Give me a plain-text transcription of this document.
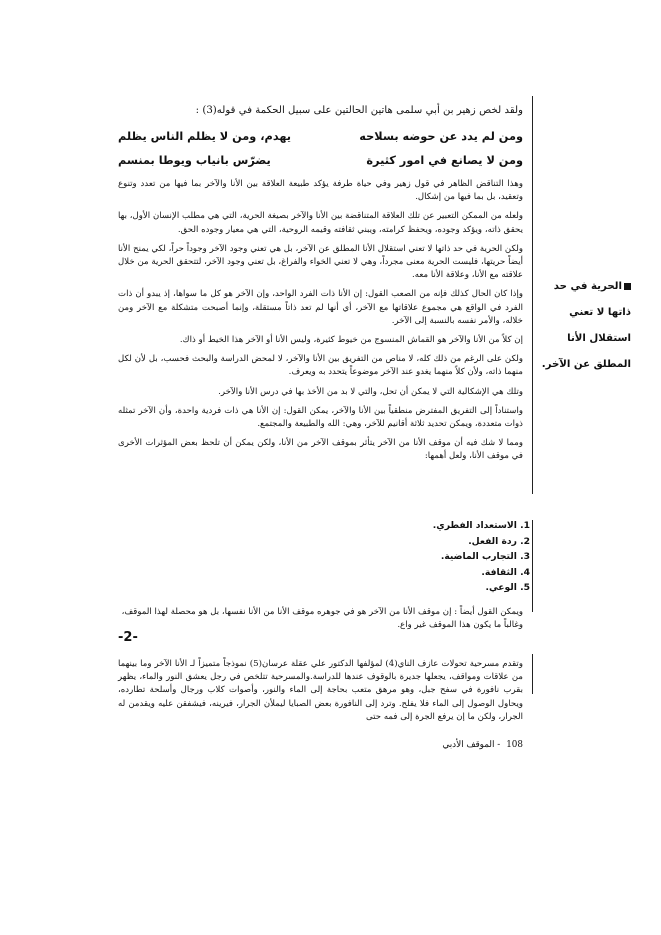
الحرية في حد ذاتها لا تعني استقلال الأنا المطلق عن الآخر.

ولقد لخص زهير بن أبي سلمى هاتين الحالتين على سبيل الحكمة في قوله(3) :

ومن لم يدد عن حوضه بسلاحه
يهدم، ومن لا يظلم الناس يظلم
ومن لا يصانع في امور كثيرة
يضرّس بانياب ويوطا بمنسم

وهذا التناقض الظاهر في قول زهير وفي حياة طرفة يؤكد طبيعة العلاقة بين الأنا والآخر بما فيها من تعدد وتنوع وتعقيد، بل بما فيها من إشكال.

ولعله من الممكن التعبير عن تلك العلاقة المتناقضة بين الأنا والآخر بصيغة الحرية، التي هي مطلب الإنسان الأول، بها يحقق ذاته، ويؤكد وجوده، ويحفظ كرامته، ويبني ثقافته وقيمه الروحية، التي هي معيار وجوده الحق.

ولكن الحرية في حد ذاتها لا تعني استقلال الأنا المطلق عن الآخر، بل هي تعني وجود الآخر وجوداً حراً، لكي يمنح الأنا أيضاً حريتها، فليست الحرية معنى مجرداً، وهي لا تعني الخواء والفراغ، بل تعني وجود الآخر، لتتحقق الحرية من خلال علاقته مع الأنا، وعلاقة الأنا معه.

وإذا كان الحال كذلك فإنه من الصعب القول: إن الأنا ذات الفرد الواحد، وإن الآخر هو كل ما سواها، إذ يبدو أن ذات الفرد في الواقع هي مجموع علاقاتها مع الآخر، أي أنها لم تعد ذاتاً مستقلة، وإنما أصبحت متشكلة مع الآخر ومن خلاله، والأمر نفسه بالنسبة إلى الآخر.

إن كلاً من الأنا والآخر هو القماش المنسوج من خيوط كثيرة، وليس الأنا أو الآخر هذا الخيط أو ذاك.

ولكن على الرغم من ذلك كله، لا مناص من التفريق بين الأنا والآخر، لا لمحض الدراسة والبحث فحسب، بل لأن لكل منهما ذاته، ولأن كلاً منهما يغدو عند الآخر موضوعاً يتحدد به ويعرف.

وتلك هي الإشكالية التي لا يمكن أن تحل، والتي لا بد من الأخذ بها في درس الأنا والآخر.

واستناداً إلى التفريق المفترض منطقياً بين الأنا والآخر، يمكن القول: إن الأنا هي ذات فردية واحدة، وأن الآخر تمثله ذوات متعددة، ويمكن تحديد ثلاثة أقانيم للآخر، وهي: الله والطبيعة والمجتمع.

ومما لا شك فيه أن موقف الأنا من الآخر يتأثر بموقف الآخر من الأنا، ولكن يمكن أن تلحظ بعض المؤثرات الأخرى في موقف الأنا، ولعل أهمها:

1. الاستعداد الفطري.
2. ردة الفعل.
3. التجارب الماضية.
4. الثقافة.
5. الوعي.

ويمكن القول أيضاً : إن موقف الأنا من الآخر هو في جوهره موقف الأنا من الأنا نفسها، بل هو محصلة لهذا الموقف، وغالباً ما يكون هذا الموقف غير واع.

-2-

وتقدم مسرحية تحولات عازف الناي(4) لمؤلفها الدكتور علي عقلة عرسان(5) نموذجاً متميزاً لـ الأنا الآخر وما بينهما من علاقات ومواقف، يجعلها جديرة بالوقوف عندها للدراسة.والمسرحية تتلخص في رجل يعشق النور والماء، يظهر بقرب نافورة في سفح جبل، وهو مرهق متعب بحاجة إلى الماء والنور، وأصوات كلاب ورجال وأسلحة تطارده، ويحاول الوصول إلى الماء فلا يفلح. وترد إلى النافورة بعض الصبايا ليملأن الجرار، فيرينه، فيشفقن عليه ويقدمن له الجرار، ولكن ما إن يرفع الجرة إلى فمه حتى

108
- الموقف الأدبي
